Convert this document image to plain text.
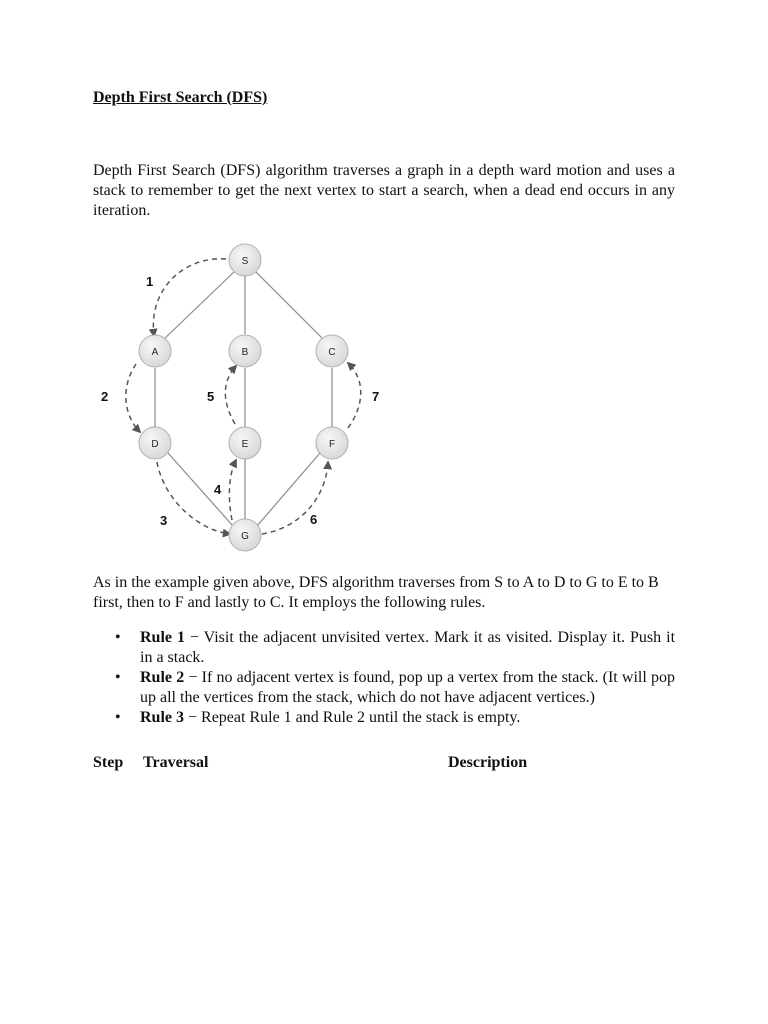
Depth First Search (DFS)

Depth First Search (DFS) algorithm traverses a graph in a depth ward motion and uses a stack to remember to get the next vertex to start a search, when a dead end occurs in any iteration.

1
2
3
4
5
6
7
S
A	B	C
D	E	F
G

As in the example given above, DFS algorithm traverses from S to A to D to G to E to B first, then to F and lastly to C. It employs the following rules.

• Rule 1 − Visit the adjacent unvisited vertex. Mark it as visited. Display it. Push it in a stack.
• Rule 2 − If no adjacent vertex is found, pop up a vertex from the stack. (It will pop up all the vertices from the stack, which do not have adjacent vertices.)
• Rule 3 − Repeat Rule 1 and Rule 2 until the stack is empty.
Step Traversal	Description
